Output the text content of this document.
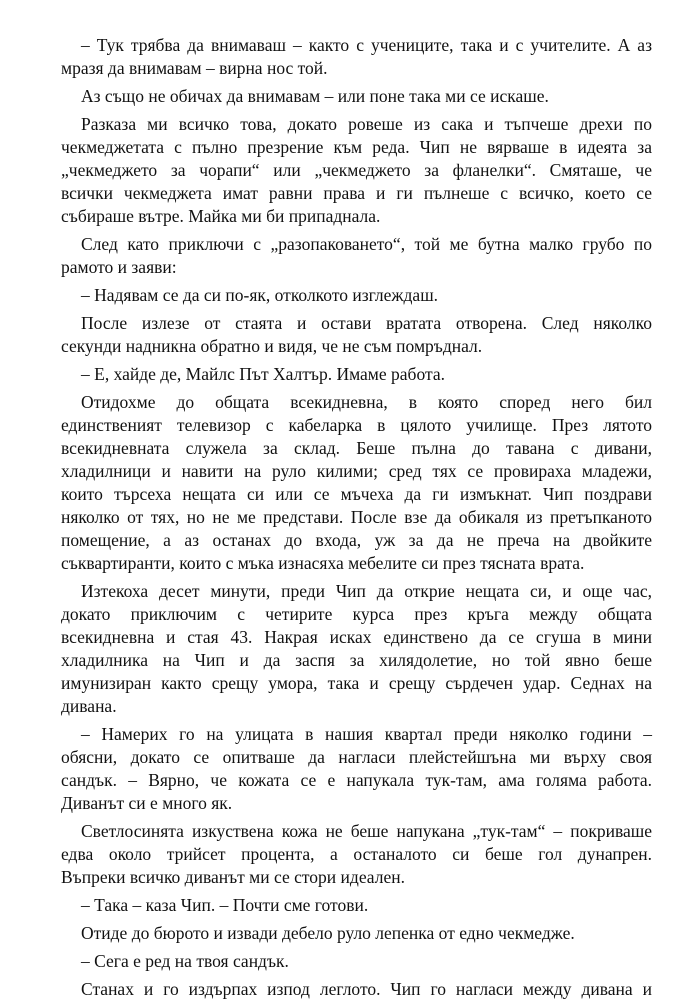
– Тук трябва да внимаваш – както с учениците, така и с учителите. А аз
мразя да внимавам – вирна нос той.
Аз също не обичах да внимавам – или поне така ми се искаше.
Разказа ми всичко това, докато ровеше из сака и тъпчеше дрехи по
чекмеджетата с пълно презрение към реда. Чип не вярваше в идеята за
„чекмеджето за чорапи“ или „чекмеджето за фланелки“. Смяташе, че
всички чекмеджета имат равни права и ги пълнеше с всичко, което се
събираше вътре. Майка ми би припаднала.
След като приключи с „разопаковането“, той ме бутна малко грубо по
рамото и заяви:
– Надявам се да си по-як, отколкото изглеждаш.
После излезе от стаята и остави вратата отворена. След няколко
секунди надникна обратно и видя, че не съм помръднал.
– Е, хайде де, Майлс Път Халтър. Имаме работа.
Отидохме до общата всекидневна, в която според него бил
единственият телевизор с кабеларка в цялото училище. През лятото
всекидневната служела за склад. Беше пълна до тавана с дивани,
хладилници и навити на руло килими; сред тях се провираха младежи,
които търсеха нещата си или се мъчеха да ги измъкнат. Чип поздрави
няколко от тях, но не ме представи. После взе да обикаля из претъпканото
помещение, а аз останах до входа, уж за да не преча на двойките
съквартиранти, които с мъка изнасяха мебелите си през тясната врата.
Изтекоха десет минути, преди Чип да открие нещата си, и още час,
докато приключим с четирите курса през кръга между общата
всекидневна и стая 43. Накрая исках единствено да се сгуша в мини
хладилника на Чип и да заспя за хилядолетие, но той явно беше
имунизиран както срещу умора, така и срещу сърдечен удар. Седнах на
дивана.
– Намерих го на улицата в нашия квартал преди няколко години –
обясни, докато се опитваше да нагласи плейстейшъна ми върху своя
сандък. – Вярно, че кожата се е напукала тук-там, ама голяма работа.
Диванът си е много як.
Светлосинята изкуствена кожа не беше напукана „тук-там“ – покриваше
едва около трийсет процента, а останалото си беше гол дунапрен.
Въпреки всичко диванът ми се стори идеален.
– Така – каза Чип. – Почти сме готови.
Отиде до бюрото и извади дебело руло лепенка от едно чекмедже.
– Сега е ред на твоя сандък.
Станах и го издърпах изпод леглото. Чип го нагласи между дивана и
